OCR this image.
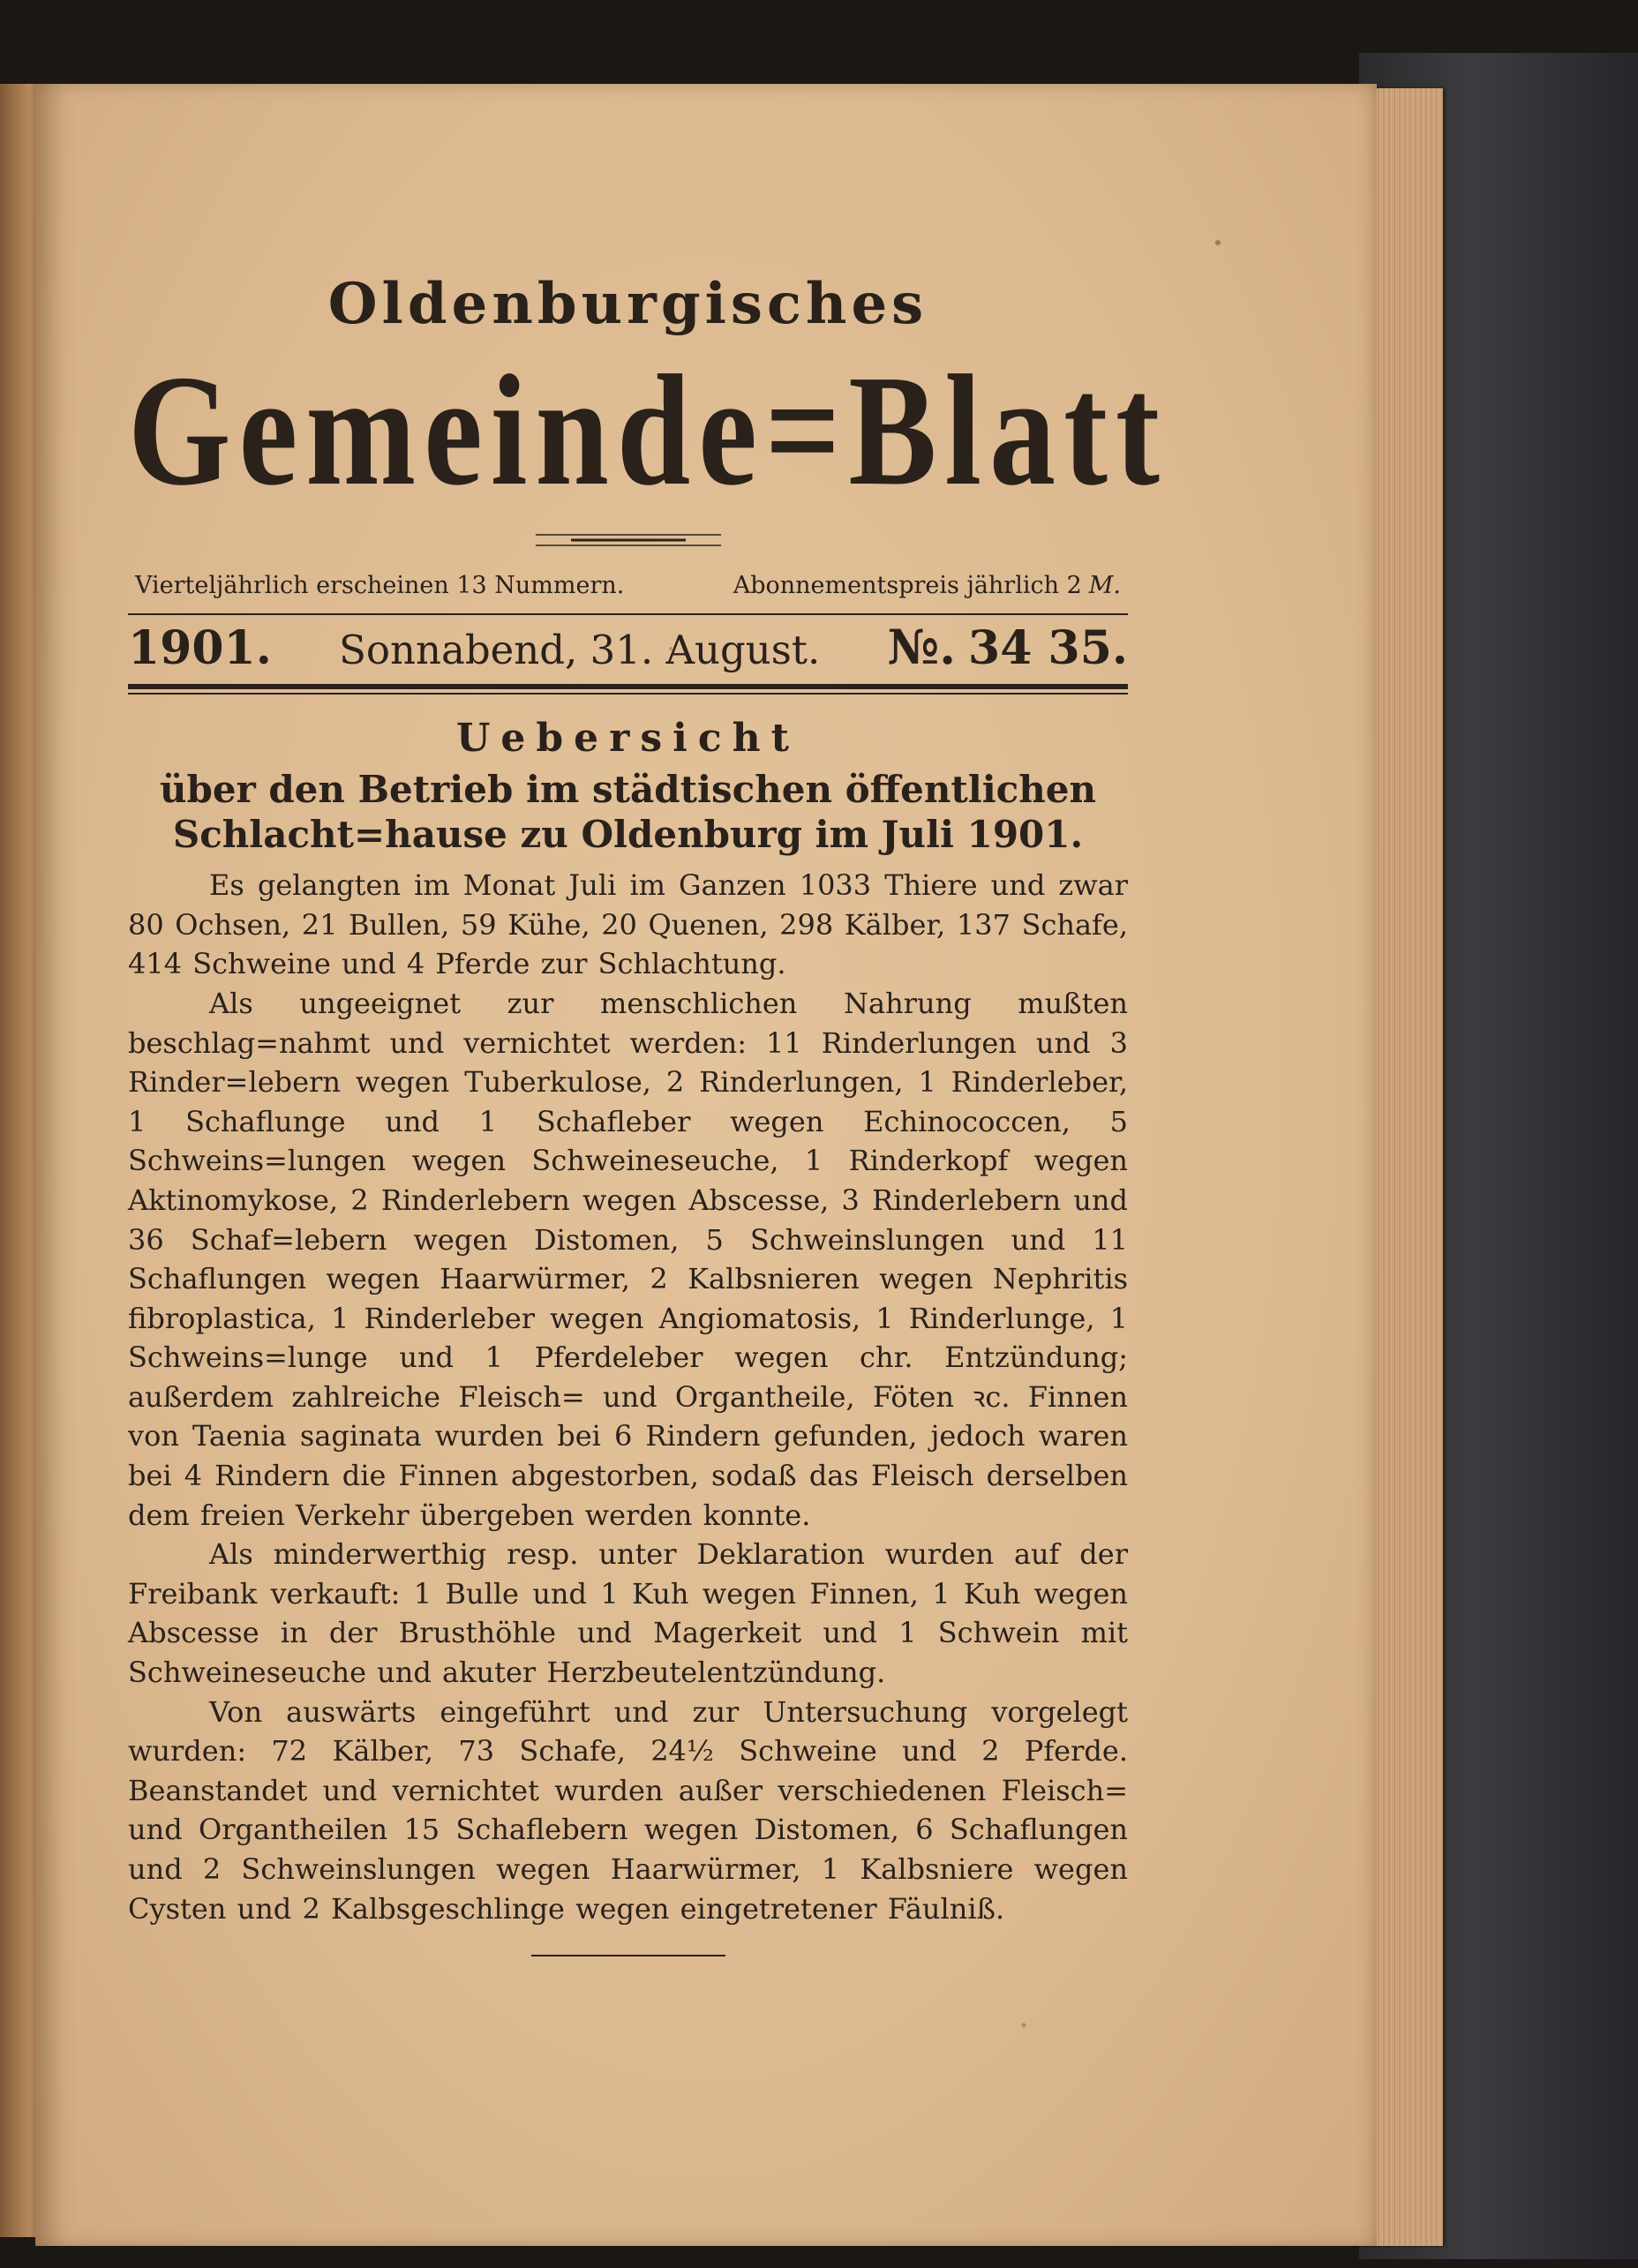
Oldenburgisches
Gemeinde=Blatt
Vierteljährlich erscheinen 13 Nummern.	Abonnementspreis jährlich 2 M.
1901. Sonnabend, 31. August. №. 34 35.
Uebersicht
über den Betrieb im städtischen öffentlichen Schlacht=hause zu Oldenburg im Juli 1901.

Es gelangten im Monat Juli im Ganzen 1033 Thiere und zwar 80 Ochsen, 21 Bullen, 59 Kühe, 20 Quenen, 298 Kälber, 137 Schafe, 414 Schweine und 4 Pferde zur Schlachtung.

Als ungeeignet zur menschlichen Nahrung mußten beschlag=nahmt und vernichtet werden: 11 Rinderlungen und 3 Rinder=lebern wegen Tuberkulose, 2 Rinderlungen, 1 Rinderleber, 1 Schaflunge und 1 Schafleber wegen Echinococcen, 5 Schweins=lungen wegen Schweineseuche, 1 Rinderkopf wegen Aktinomykose, 2 Rinderlebern wegen Abscesse, 3 Rinderlebern und 36 Schaf=lebern wegen Distomen, 5 Schweinslungen und 11 Schaflungen wegen Haarwürmer, 2 Kalbsnieren wegen Nephritis fibroplastica, 1 Rinderleber wegen Angiomatosis, 1 Rinderlunge, 1 Schweins=lunge und 1 Pferdeleber wegen chr. Entzündung; außerdem zahlreiche Fleisch= und Organtheile, Föten ꝛc. Finnen von Taenia saginata wurden bei 6 Rindern gefunden, jedoch waren bei 4 Rindern die Finnen abgestorben, sodaß das Fleisch derselben dem freien Verkehr übergeben werden konnte.

Als minderwerthig resp. unter Deklaration wurden auf der Freibank verkauft: 1 Bulle und 1 Kuh wegen Finnen, 1 Kuh wegen Abscesse in der Brusthöhle und Magerkeit und 1 Schwein mit Schweineseuche und akuter Herzbeutelentzündung.

Von auswärts eingeführt und zur Untersuchung vorgelegt wurden: 72 Kälber, 73 Schafe, 24½ Schweine und 2 Pferde. Beanstandet und vernichtet wurden außer verschiedenen Fleisch= und Organtheilen 15 Schaflebern wegen Distomen, 6 Schaflungen und 2 Schweinslungen wegen Haarwürmer, 1 Kalbsniere wegen Cysten und 2 Kalbsgeschlinge wegen eingetretener Fäulniß.
